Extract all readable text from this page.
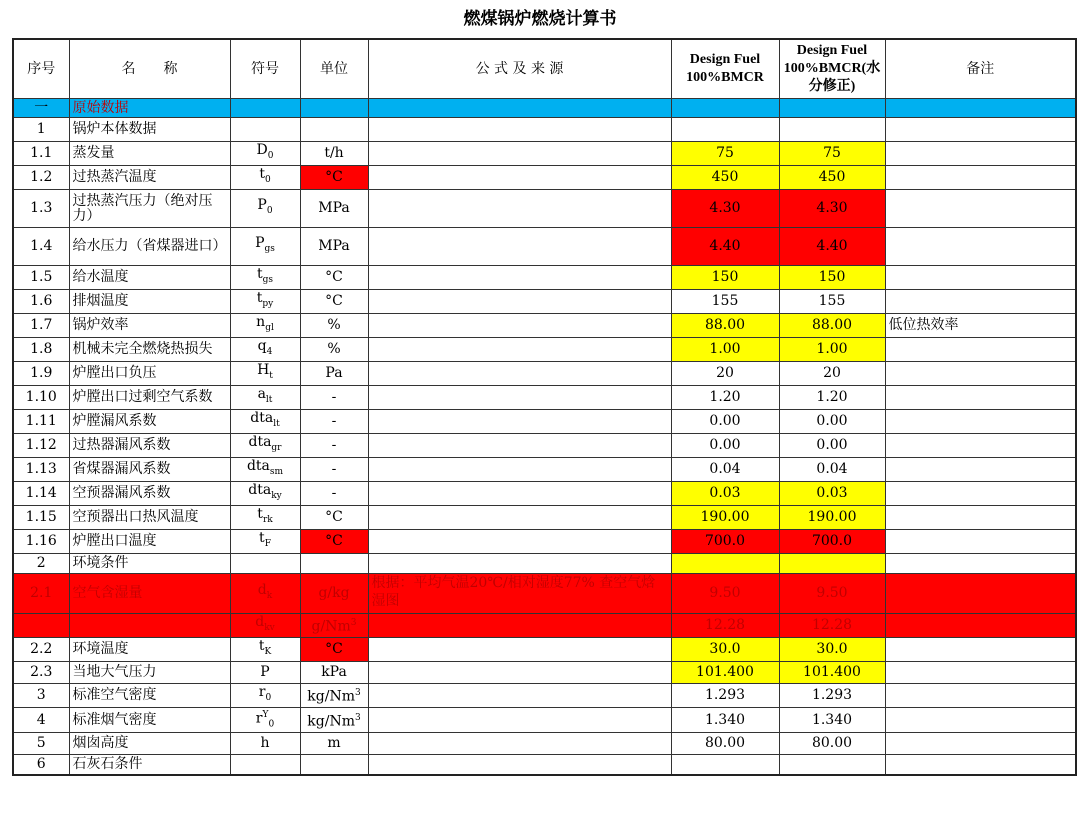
燃煤锅炉燃烧计算书
序号	名　　称	符号	单位	公 式 及 来 源	Design Fuel 100%BMCR	Design Fuel 100%BMCR(水分修正)	备注
一	原始数据						
1	锅炉本体数据						
1.1	蒸发量	$D_0$	t/h		75	75	
1.2	过热蒸汽温度	$t_0$	°C		450	450	
1.3	过热蒸汽压力（绝对压力）	$P_0$	MPa		4.30	4.30	
1.4	给水压力（省煤器进口）	$P_{gs}$	MPa		4.40	4.40	
1.5	给水温度	$t_{gs}$	°C		150	150	
1.6	排烟温度	$t_{py}$	°C		155	155	
1.7	锅炉效率	$n_{gl}$	%		88.00	88.00	低位热效率
1.8	机械未完全燃烧热损失	$q_4$	%		1.00	1.00	
1.9	炉膛出口负压	$H_t$	Pa		20	20	
1.10	炉膛出口过剩空气系数	$a_{lt}$	-		1.20	1.20	
1.11	炉膛漏风系数	dta$_{lt}$	-		0.00	0.00	
1.12	过热器漏风系数	dta$_{gr}$	-		0.00	0.00	
1.13	省煤器漏风系数	dta$_{sm}$	-		0.04	0.04	
1.14	空预器漏风系数	dta$_{ky}$	-		0.03	0.03	
1.15	空预器出口热风温度	$t_{rk}$	°C		190.00	190.00	
1.16	炉膛出口温度	$t_F$	°C		700.0	700.0	
2	环境条件						
2.1	空气含湿量	$d_k$	g/kg	根据：平均气温20℃/相对湿度77% 查空气焓湿图	9.50	9.50	
		$d_{kv}$	g/Nm$^3$		12.28	12.28	
2.2	环境温度	$t_K$	°C		30.0	30.0	
2.3	当地大气压力	P	kPa		101.400	101.400	
3	标准空气密度	$r_0$	kg/Nm$^3$		1.293	1.293	
4	标准烟气密度	$r^Y_0$	kg/Nm$^3$		1.340	1.340	
5	烟囱高度	h	m		80.00	80.00	
6	石灰石条件						
